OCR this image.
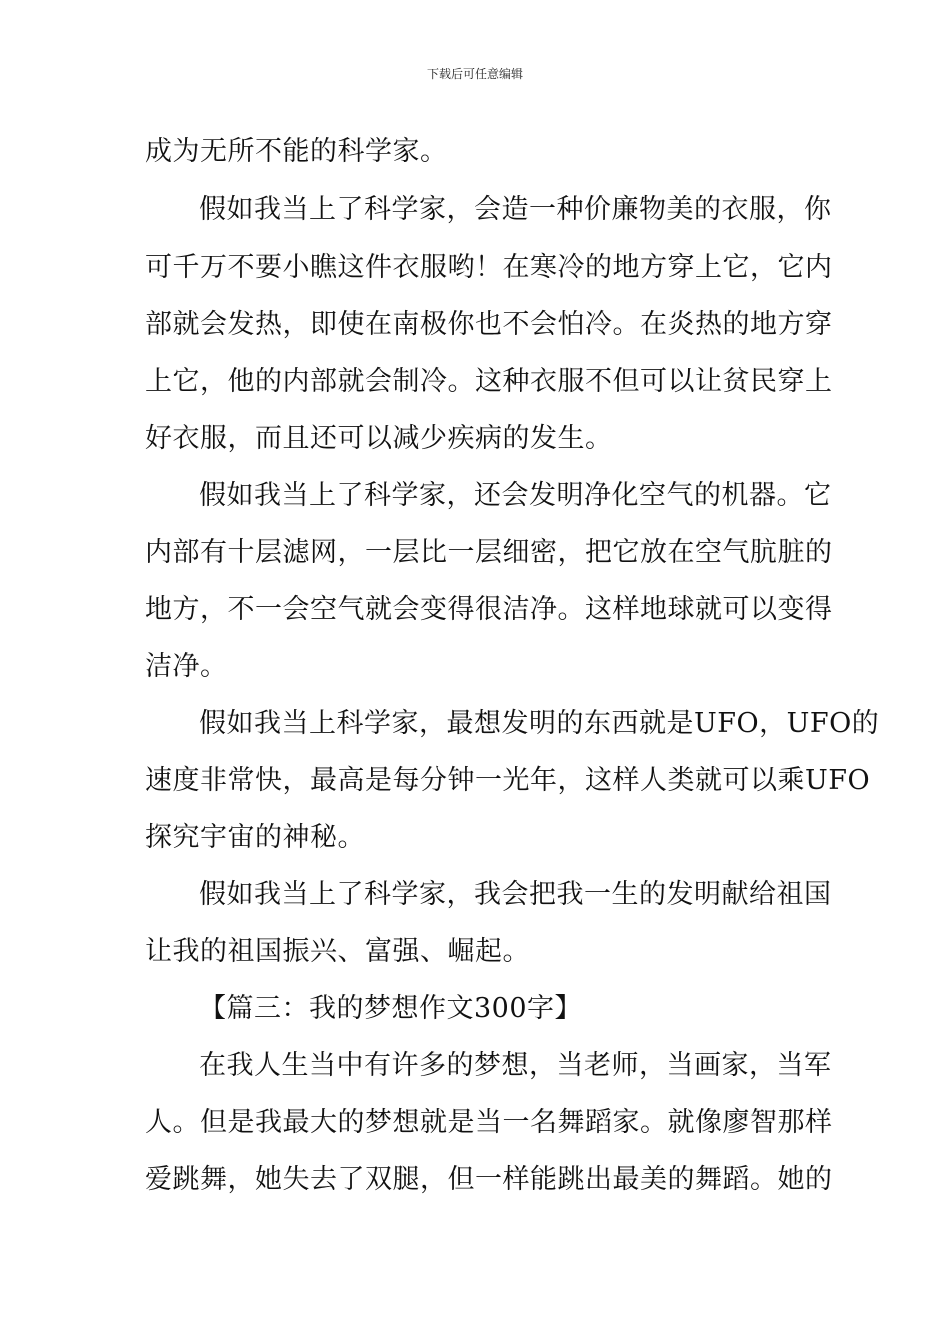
下载后可任意编辑
成为无所不能的科学家。
假如我当上了科学家，会造一种价廉物美的衣服，你
可千万不要小瞧这件衣服哟！在寒冷的地方穿上它，它内
部就会发热，即使在南极你也不会怕冷。在炎热的地方穿
上它，他的内部就会制冷。这种衣服不但可以让贫民穿上
好衣服，而且还可以减少疾病的发生。
假如我当上了科学家，还会发明净化空气的机器。它
内部有十层滤网，一层比一层细密，把它放在空气肮脏的
地方，不一会空气就会变得很洁净。这样地球就可以变得
洁净。
假如我当上科学家，最想发明的东西就是UFO，UFO的
速度非常快，最高是每分钟一光年，这样人类就可以乘UFO
探究宇宙的神秘。
假如我当上了科学家，我会把我一生的发明献给祖国
让我的祖国振兴、富强、崛起。
【篇三：我的梦想作文300字】
在我人生当中有许多的梦想，当老师，当画家，当军
人。但是我最大的梦想就是当一名舞蹈家。就像廖智那样
爱跳舞，她失去了双腿，但一样能跳出最美的舞蹈。她的
